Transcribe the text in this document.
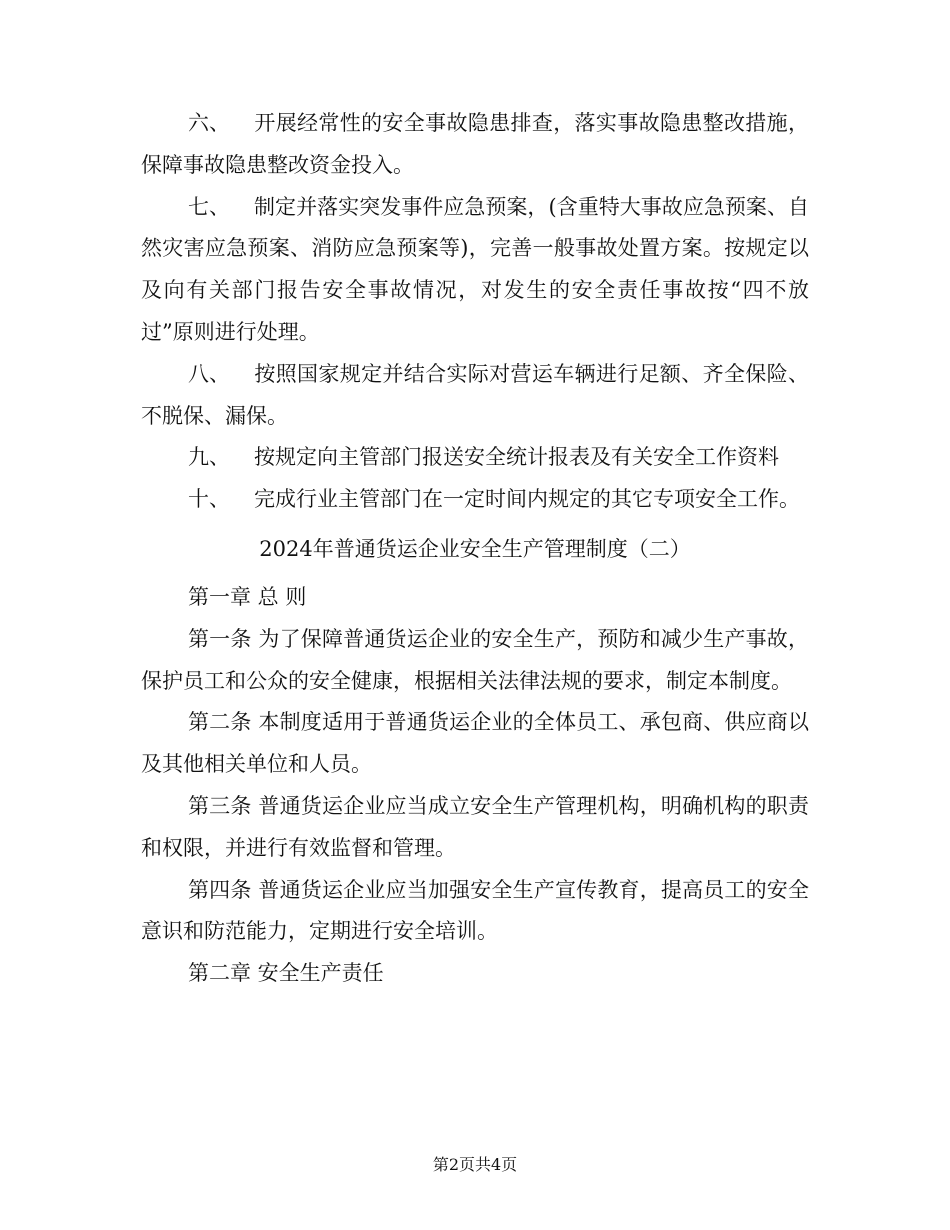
六、 开展经常性的安全事故隐患排查，落实事故隐患整改措施，保障事故隐患整改资金投入。

七、 制定并落实突发事件应急预案，(含重特大事故应急预案、自然灾害应急预案、消防应急预案等)，完善一般事故处置方案。按规定以及向有关部门报告安全事故情况，对发生的安全责任事故按“四不放过”原则进行处理。

八、 按照国家规定并结合实际对营运车辆进行足额、齐全保险、不脱保、漏保。

九、 按规定向主管部门报送安全统计报表及有关安全工作资料

十、 完成行业主管部门在一定时间内规定的其它专项安全工作。

2024年普通货运企业安全生产管理制度（二）

第一章 总 则

第一条 为了保障普通货运企业的安全生产，预防和减少生产事故，保护员工和公众的安全健康，根据相关法律法规的要求，制定本制度。

第二条 本制度适用于普通货运企业的全体员工、承包商、供应商以及其他相关单位和人员。

第三条 普通货运企业应当成立安全生产管理机构，明确机构的职责和权限，并进行有效监督和管理。

第四条 普通货运企业应当加强安全生产宣传教育，提高员工的安全意识和防范能力，定期进行安全培训。

第二章 安全生产责任

第2页共4页
